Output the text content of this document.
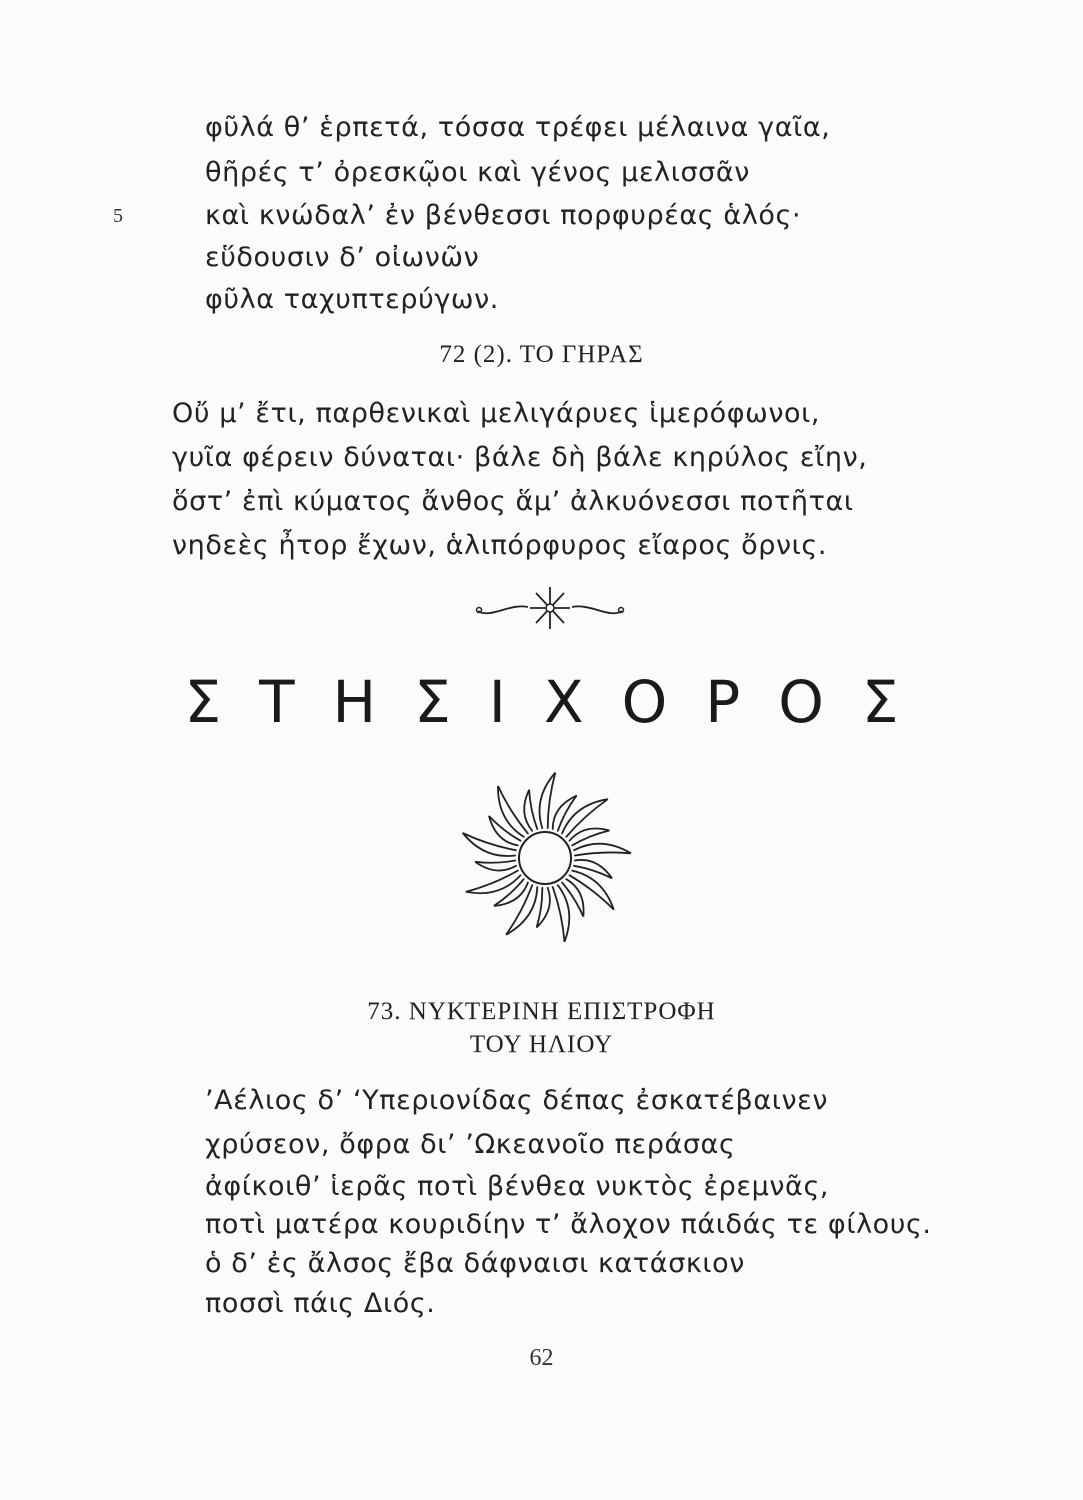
φῦλά θ’ ἑρπετά, τόσσα τρέφει μέλαινα γαῖα,
θῆρές τ’ ὀρεσκῷοι καὶ γένος μελισσᾶν
5	καὶ κνώδαλ’ ἐν βένθεσσι πορφυρέας ἁλός·
εὕδουσιν δ’ οἰωνῶν
φῦλα ταχυπτερύγων.
72 (2). ΤΟ ΓΗΡΑΣ
Οὔ μ’ ἔτι, παρθενικαὶ μελιγάρυες ἱμερόφωνοι,
γυῖα φέρειν δύναται· βάλε δὴ βάλε κηρύλος εἴην,
ὅστ’ ἐπὶ κύματος ἄνθος ἅμ’ ἀλκυόνεσσι ποτῆται
νηδεὲς ἦτορ ἔχων, ἁλιπόρφυρος εἴαρος ὄρνις.
ΣΤΗΣΙΧΟΡΟΣ
73. ΝΥΚΤΕΡΙΝΗ ΕΠΙΣΤΡΟΦΗ
ΤΟΥ ΗΛΙΟΥ
’Αέλιος δ’ ‘Υπεριονίδας δέπας ἐσκατέβαινεν
χρύσεον, ὄφρα δι’ ’Ωκεανοῖο περάσας
ἀφίκοιθ’ ἱερᾶς ποτὶ βένθεα νυκτὸς ἐρεμνᾶς,
ποτὶ ματέρα κουριδίην τ’ ἄλοχον πάιδάς τε φίλους.
ὁ δ’ ἐς ἄλσος ἔβα δάφναισι κατάσκιον
ποσσὶ πάις Διός.
62
